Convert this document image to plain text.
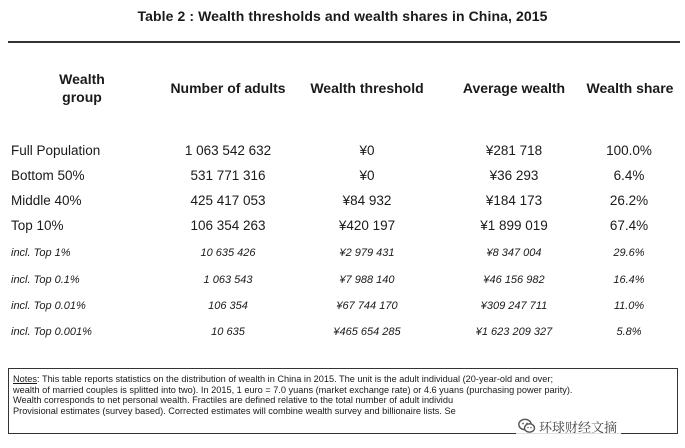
Table 2 : Wealth thresholds and wealth shares in China, 2015
Wealth
group
Number of adults	Wealth threshold	Average wealth	Wealth share
Full Population	1 063 542 632	¥0	¥281 718	100.0%
Bottom 50%	531 771 316	¥0	¥36 293	6.4%
Middle 40%	425 417 053	¥84 932	¥184 173	26.2%
Top 10%	106 354 263	¥420 197	¥1 899 019	67.4%
incl. Top 1%	10 635 426	¥2 979 431	¥8 347 004	29.6%
incl. Top 0.1%	1 063 543	¥7 988 140	¥46 156 982	16.4%
incl. Top 0.01%	106 354	¥67 744 170	¥309 247 711	11.0%
incl. Top 0.001%	10 635	¥465 654 285	¥1 623 209 327	5.8%
Notes: This table reports statistics on the distribution of wealth in China in 2015. The unit is the adult individual (20-year-old and over;
wealth of married couples is splitted into two). In 2015, 1 euro = 7.0 yuans (market exchange rate) or 4.6 yuans (purchasing power parity).
Wealth corresponds to net personal wealth. Fractiles are defined relative to the total number of adult individu
Provisional estimates (survey based). Corrected estimates will combine wealth survey and billionaire lists. Se
环球财经文摘
